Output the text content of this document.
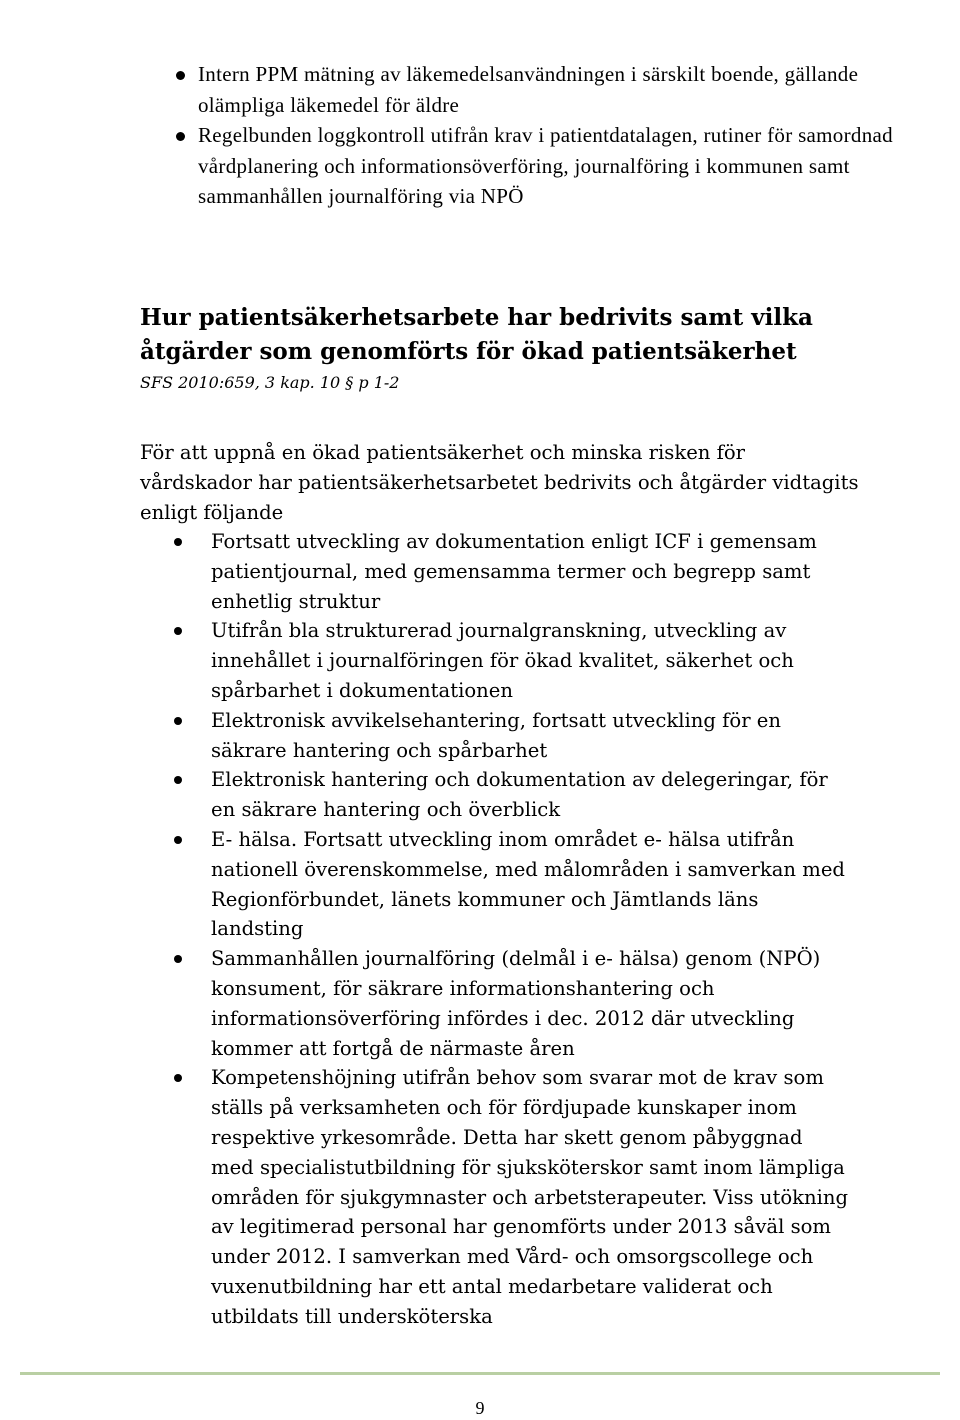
Intern PPM mätning av läkemedelsanvändningen i särskilt boende, gällande olämpliga läkemedel för äldre
Regelbunden loggkontroll utifrån krav i patientdatalagen, rutiner för samordnad vårdplanering och informationsöverföring, journalföring i kommunen samt sammanhållen journalföring via NPÖ
Hur patientsäkerhetsarbete har bedrivits samt vilka åtgärder som genomförts för ökad patientsäkerhet
SFS 2010:659, 3 kap. 10 § p 1-2

För att uppnå en ökad patientsäkerhet och minska risken för vårdskador har patientsäkerhetsarbetet bedrivits och åtgärder vidtagits enligt följande

Fortsatt utveckling av dokumentation enligt ICF i gemensam patientjournal, med gemensamma termer och begrepp samt enhetlig struktur
Utifrån bla strukturerad journalgranskning, utveckling av innehållet i journalföringen för ökad kvalitet, säkerhet och spårbarhet i dokumentationen
Elektronisk avvikelsehantering, fortsatt utveckling för en säkrare hantering och spårbarhet
Elektronisk hantering och dokumentation av delegeringar, för en säkrare hantering och överblick
E- hälsa. Fortsatt utveckling inom området e- hälsa utifrån nationell överenskommelse, med målområden i samverkan med Regionförbundet, länets kommuner och Jämtlands läns landsting
Sammanhållen journalföring (delmål i e- hälsa) genom (NPÖ) konsument, för säkrare informationshantering och informationsöverföring infördes i dec. 2012 där utveckling kommer att fortgå de närmaste åren
Kompetenshöjning utifrån behov som svarar mot de krav som ställs på verksamheten och för fördjupade kunskaper inom respektive yrkesområde. Detta har skett genom påbyggnad med specialistutbildning för sjuksköterskor samt inom lämpliga områden för sjukgymnaster och arbetsterapeuter. Viss utökning av legitimerad personal har genomförts under 2013 såväl som under 2012. I samverkan med Vård- och omsorgscollege och vuxenutbildning har ett antal medarbetare validerat och utbildats till undersköterska
9
